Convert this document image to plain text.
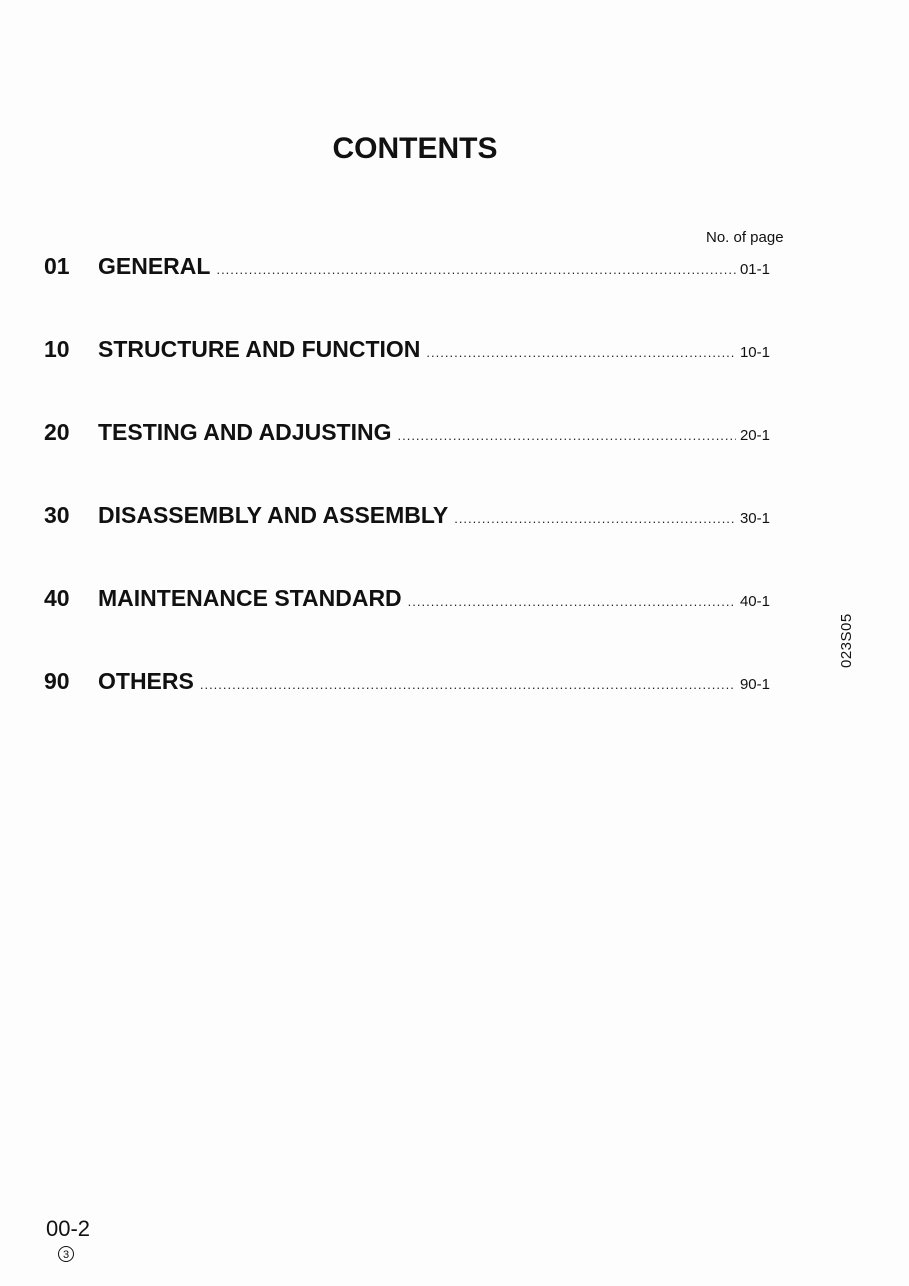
CONTENTS
No. of page
01	GENERAL .....	01-1
10	STRUCTURE AND FUNCTION .....	10-1
20	TESTING AND ADJUSTING .....	20-1
30	DISASSEMBLY AND ASSEMBLY .....	30-1
40	MAINTENANCE STANDARD .....	40-1
90	OTHERS .....	90-1
023S05
00-2
3
